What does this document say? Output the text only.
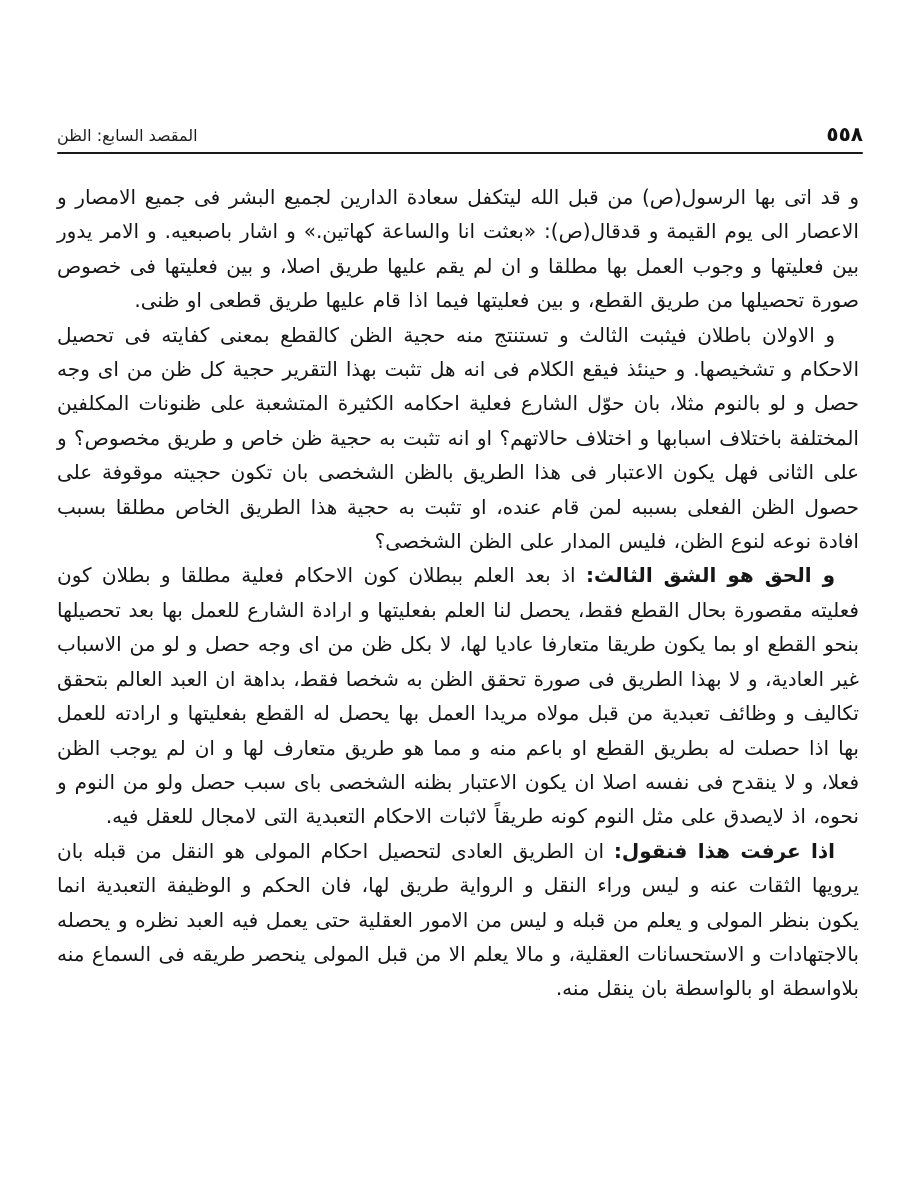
المقصد السابع: الظن	٥٥٨

و قد اتى بها الرسول(ص) من قبل الله ليتكفل سعادة الدارين لجميع البشر فى جميع الامصار و الاعصار الى يوم القيمة و قدقال(ص): «بعثت انا والساعة كهاتين.» و اشار باصبعيه. و الامر يدور بين فعليتها و وجوب العمل بها مطلقا و ان لم يقم عليها طريق اصلا، و بين فعليتها فى خصوص صورة تحصيلها من طريق القطع، و بين فعليتها فيما اذا قام عليها طريق قطعى او ظنى.

و الاولان باطلان فيثبت الثالث و تستنتج منه حجية الظن كالقطع بمعنى كفايته فى تحصيل الاحكام و تشخيصها. و حينئذ فيقع الكلام فى انه هل تثبت بهذا التقرير حجية كل ظن من اى وجه حصل و لو بالنوم مثلا، بان حوّل الشارع فعلية احكامه الكثيرة المتشعبة على ظنونات المكلفين المختلفة باختلاف اسبابها و اختلاف حالاتهم؟ او انه تثبت به حجية ظن خاص و طريق مخصوص؟ و على الثانى فهل يكون الاعتبار فى هذا الطريق بالظن الشخصى بان تكون حجيته موقوفة على حصول الظن الفعلى بسببه لمن قام عنده، او تثبت به حجية هذا الطريق الخاص مطلقا بسبب افادة نوعه لنوع الظن، فليس المدار على الظن الشخصى؟

و الحق هو الشق الثالث: اذ بعد العلم ببطلان كون الاحكام فعلية مطلقا و بطلان كون فعليته مقصورة بحال القطع فقط، يحصل لنا العلم بفعليتها و ارادة الشارع للعمل بها بعد تحصيلها بنحو القطع او بما يكون طريقا متعارفا عاديا لها، لا بكل ظن من اى وجه حصل و لو من الاسباب غير العادية، و لا بهذا الطريق فى صورة تحقق الظن به شخصا فقط، بداهة ان العبد العالم بتحقق تكاليف و وظائف تعبدية من قبل مولاه مريدا العمل بها يحصل له القطع بفعليتها و ارادته للعمل بها اذا حصلت له بطريق القطع او باعم منه و مما هو طريق متعارف لها و ان لم يوجب الظن فعلا، و لا ينقدح فى نفسه اصلا ان يكون الاعتبار بظنه الشخصى باى سبب حصل ولو من النوم و نحوه، اذ لايصدق على مثل النوم كونه طريقاً لاثبات الاحكام التعبدية التى لامجال للعقل فيه.

اذا عرفت هذا فنقول: ان الطريق العادى لتحصيل احكام المولى هو النقل من قبله بان يرويها الثقات عنه و ليس وراء النقل و الرواية طريق لها، فان الحكم و الوظيفة التعبدية انما يكون بنظر المولى و يعلم من قبله و ليس من الامور العقلية حتى يعمل فيه العبد نظره و يحصله بالاجتهادات و الاستحسانات العقلية، و مالا يعلم الا من قبل المولى ينحصر طريقه فى السماع منه بلاواسطة او بالواسطة بان ينقل منه.
